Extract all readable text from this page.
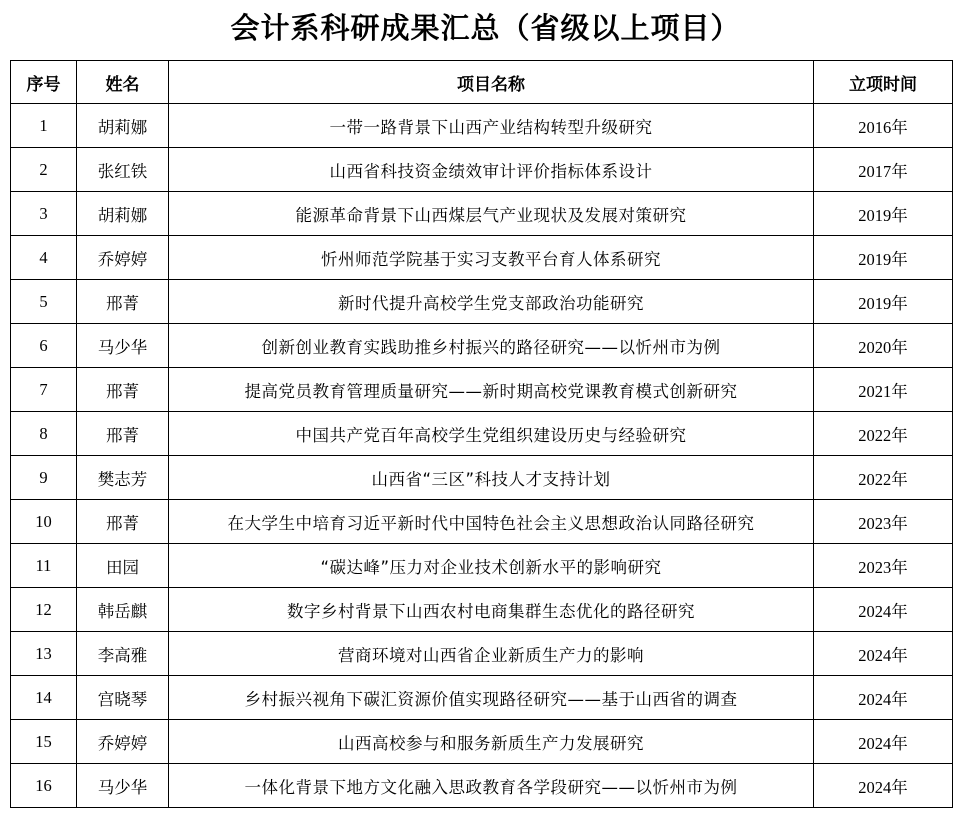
会计系科研成果汇总（省级以上项目）
序号	姓名	项目名称	立项时间
1	胡莉娜	一带一路背景下山西产业结构转型升级研究	2016年
2	张红铁	山西省科技资金绩效审计评价指标体系设计	2017年
3	胡莉娜	能源革命背景下山西煤层气产业现状及发展对策研究	2019年
4	乔婷婷	忻州师范学院基于实习支教平台育人体系研究	2019年
5	邢菁	新时代提升高校学生党支部政治功能研究	2019年
6	马少华	创新创业教育实践助推乡村振兴的路径研究——以忻州市为例	2020年
7	邢菁	提高党员教育管理质量研究——新时期高校党课教育模式创新研究	2021年
8	邢菁	中国共产党百年高校学生党组织建设历史与经验研究	2022年
9	樊志芳	山西省“三区”科技人才支持计划	2022年
10	邢菁	在大学生中培育习近平新时代中国特色社会主义思想政治认同路径研究	2023年
11	田园	“碳达峰”压力对企业技术创新水平的影响研究	2023年
12	韩岳麒	数字乡村背景下山西农村电商集群生态优化的路径研究	2024年
13	李高雅	营商环境对山西省企业新质生产力的影响	2024年
14	宫晓琴	乡村振兴视角下碳汇资源价值实现路径研究——基于山西省的调查	2024年
15	乔婷婷	山西高校参与和服务新质生产力发展研究	2024年
16	马少华	一体化背景下地方文化融入思政教育各学段研究——以忻州市为例	2024年
